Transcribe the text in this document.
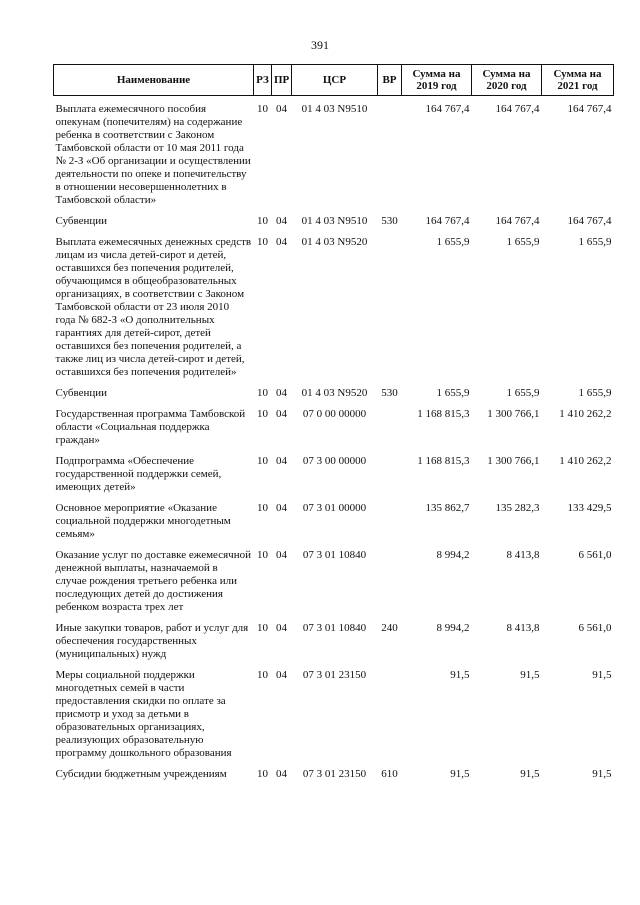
391
Наименование	РЗ	ПР	ЦСР	ВР	Сумма на 2019 год	Сумма на 2020 год	Сумма на 2021 год

Выплата ежемесячного пособия опекунам (попечителям) на содержание ребенка в соответствии с Законом Тамбовской области от 10 мая 2011 года № 2-З «Об организации и осуществлении деятельности по опеке и попечительству в отношении несовершеннолетних в Тамбовской области»	10	04	01 4 03 N9510		164 767,4	164 767,4	164 767,4

Субвенции	10	04	01 4 03 N9510	530	164 767,4	164 767,4	164 767,4

Выплата ежемесячных денежных средств лицам из числа детей-сирот и детей, оставшихся без попечения родителей, обучающимся в общеобразовательных организациях, в соответствии с Законом Тамбовской области от 23 июля 2010 года № 682-З «О дополнительных гарантиях для детей-сирот, детей оставшихся без попечения родителей, а также лиц из числа детей-сирот и детей, оставшихся без попечения родителей»	10	04	01 4 03 N9520		1 655,9	1 655,9	1 655,9

Субвенции	10	04	01 4 03 N9520	530	1 655,9	1 655,9	1 655,9

Государственная программа Тамбовской области «Социальная поддержка граждан»	10	04	07 0 00 00000		1 168 815,3	1 300 766,1	1 410 262,2

Подпрограмма «Обеспечение государственной поддержки семей, имеющих детей»	10	04	07 3 00 00000		1 168 815,3	1 300 766,1	1 410 262,2

Основное мероприятие «Оказание социальной поддержки многодетным семьям»	10	04	07 3 01 00000		135 862,7	135 282,3	133 429,5

Оказание услуг по доставке ежемесячной денежной выплаты, назначаемой в случае рождения третьего ребенка или последующих детей до достижения ребенком возраста трех лет	10	04	07 3 01 10840		8 994,2	8 413,8	6 561,0

Иные закупки товаров, работ и услуг для обеспечения государственных (муниципальных) нужд	10	04	07 3 01 10840	240	8 994,2	8 413,8	6 561,0

Меры социальной поддержки многодетных семей в части предоставления скидки по оплате за присмотр и уход за детьми в образовательных организациях, реализующих образовательную программу дошкольного образования	10	04	07 3 01 23150		91,5	91,5	91,5

Субсидии бюджетным учреждениям	10	04	07 3 01 23150	610	91,5	91,5	91,5
